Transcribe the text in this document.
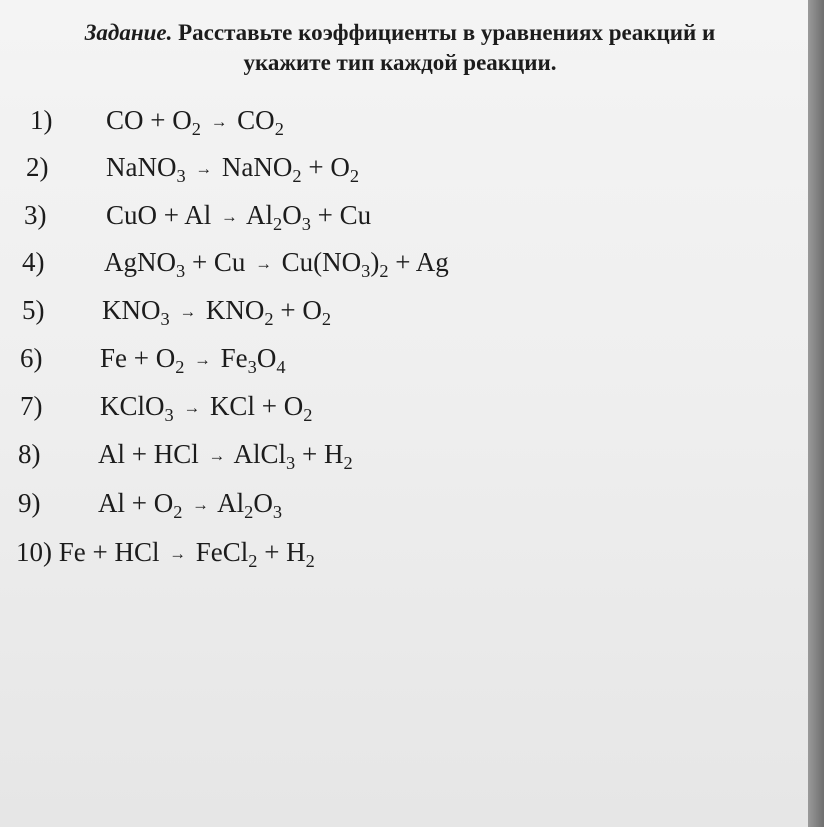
Задание. Расставьте коэффициенты в уравнениях реакций и
укажите тип каждой реакции.
1) CO + $O_2 \to CO_2$
2) NaNO$_3$ → NaNO$_2$ + $O_2$
3) CuO + $Al \to Al_2O_3 + Cu$
4) AgNO$_3$ + $Cu \to Cu(NO_3)_2 + Ag$
5) $KNO_3 \to KNO_2 + O_2$
6) $Fe + O_2 \to Fe_3O_4$
7) KClO$_3$ → KCl + $O_2$
8) Al + HCl → AlCl$_3$ + $H_2$
9) $Al + O_2 \to Al_2O_3$
10) Fe + HCl → FeCl$_2$ + $H_2$
